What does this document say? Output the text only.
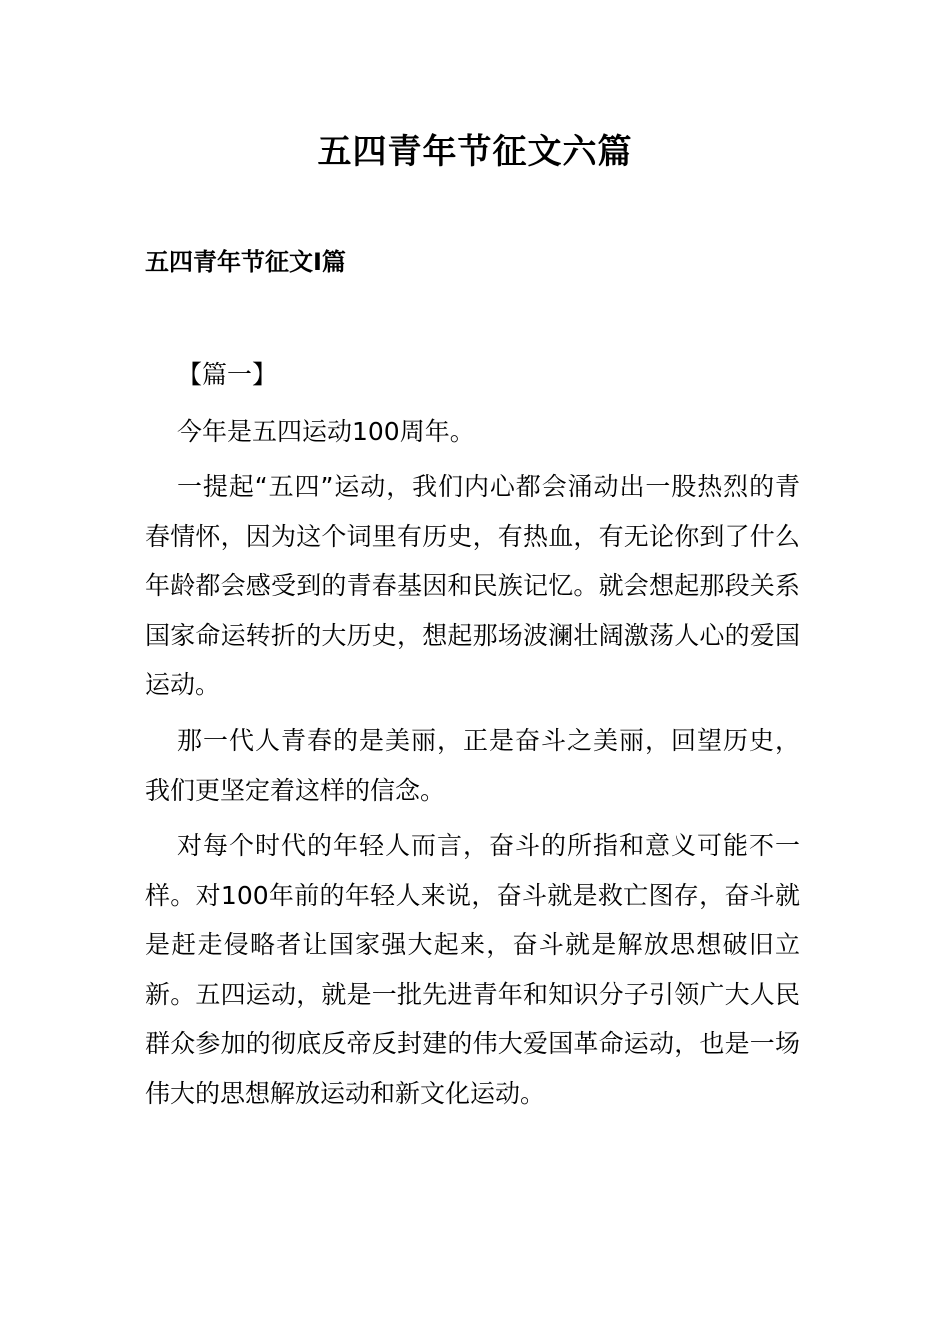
五四青年节征文六篇
五四青年节征文Ⅰ篇

【篇一】

今年是五四运动100周年。

一提起“五四”运动，我们内心都会涌动出一股热烈的青春情怀，因为这个词里有历史，有热血，有无论你到了什么年龄都会感受到的青春基因和民族记忆。就会想起那段关系国家命运转折的大历史，想起那场波澜壮阔激荡人心的爱国运动。

那一代人青春的是美丽，正是奋斗之美丽，回望历史，我们更坚定着这样的信念。

对每个时代的年轻人而言，奋斗的所指和意义可能不一样。对100年前的年轻人来说，奋斗就是救亡图存，奋斗就是赶走侵略者让国家强大起来，奋斗就是解放思想破旧立新。五四运动，就是一批先进青年和知识分子引领广大人民群众参加的彻底反帝反封建的伟大爱国革命运动，也是一场伟大的思想解放运动和新文化运动。
